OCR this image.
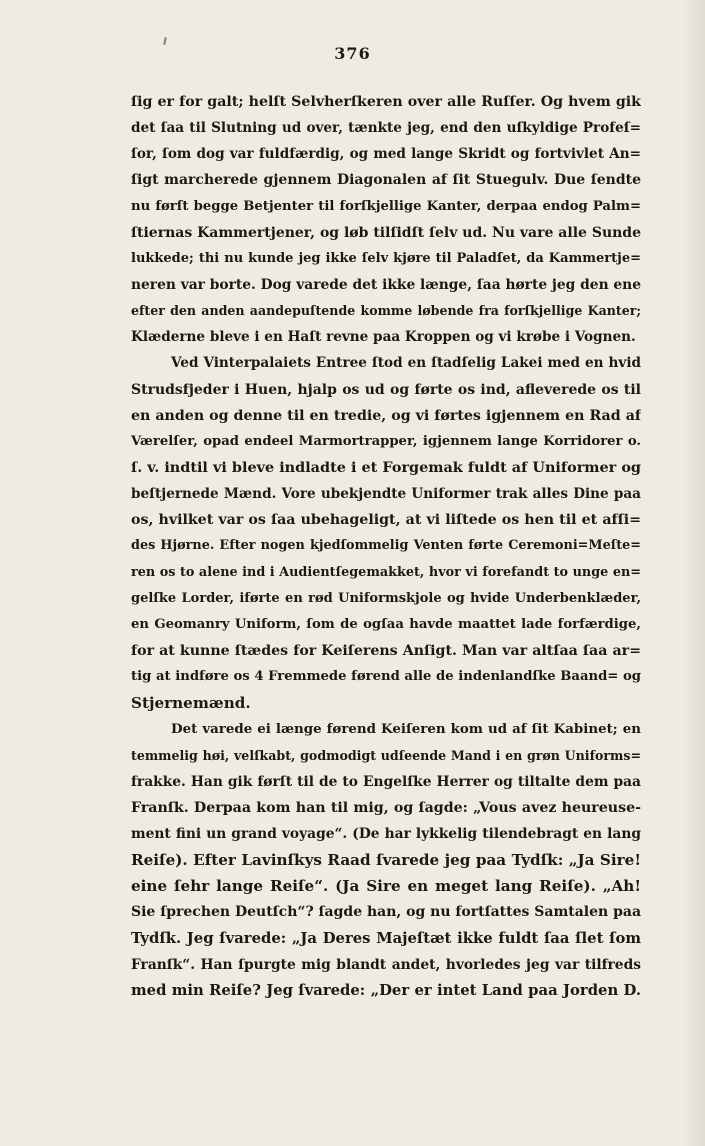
376
ſig er for galt; helſt Selvherſkeren over alle Ruſſer. Og hvem gik
det ſaa til Slutning ud over, tænkte jeg, end den uſkyldige Profeſ=
ſor, ſom dog var fuldfærdig, og med lange Skridt og fortvivlet An=
ſigt marcherede gjennem Diagonalen af ſit Stuegulv. Due ſendte
nu førſt begge Betjenter til forſkjellige Kanter, derpaa endog Palm=
ſtiernas Kammertjener, og løb tilſidſt ſelv ud. Nu vare alle Sunde
lukkede; thi nu kunde jeg ikke ſelv kjøre til Paladſet, da Kammertje=
neren var borte. Dog varede det ikke længe, ſaa hørte jeg den ene
efter den anden aandepuſtende komme løbende fra forſkjellige Kanter;
Klæderne bleve i en Haſt revne paa Kroppen og vi krøbe i Vognen.
Ved Vinterpalaiets Entree ſtod en ſtadſelig Lakei med en hvid
Strudsfjeder i Huen, hjalp os ud og førte os ind, afleverede os til
en anden og denne til en tredie, og vi førtes igjennem en Rad af
Værelſer, opad endeel Marmortrapper, igjennem lange Korridorer o.
ſ. v. indtil vi bleve indladte i et Forgemak fuldt af Uniformer og
beſtjernede Mænd. Vore ubekjendte Uniformer trak alles Dine paa
os, hvilket var os ſaa ubehageligt, at vi liſtede os hen til et afſi=
des Hjørne. Efter nogen kjedſommelig Venten førte Ceremoni=Meſte=
ren os to alene ind i Audientſegemakket, hvor vi forefandt to unge en=
gelſke Lorder, iførte en rød Uniformskjole og hvide Underbenklæder,
en Geomanry Uniform, ſom de ogſaa havde maattet lade forfærdige,
for at kunne ſtædes for Keiſerens Anſigt. Man var altſaa ſaa ar=
tig at indføre os 4 Fremmede førend alle de indenlandſke Baand= og
Stjernemænd.
Det varede ei længe førend Keiſeren kom ud af ſit Kabinet; en
temmelig høi, velſkabt, godmodigt udſeende Mand i en grøn Uniforms=
frakke. Han gik førſt til de to Engelſke Herrer og tiltalte dem paa
Franſk. Derpaa kom han til mig, og ſagde: „Vous avez heureuse-
ment fini un grand voyage“. (De har lykkelig tilendebragt en lang
Reiſe). Efter Lavinſkys Raad ſvarede jeg paa Tydſk: „Ja Sire!
eine ſehr lange Reiſe“. (Ja Sire en meget lang Reiſe). „Ah!
Sie ſprechen Deutſch“? ſagde han, og nu fortſattes Samtalen paa
Tydſk. Jeg ſvarede: „Ja Deres Majeſtæt ikke fuldt ſaa ſlet ſom
Franſk“. Han ſpurgte mig blandt andet, hvorledes jeg var tilfreds
med min Reiſe? Jeg ſvarede: „Der er intet Land paa Jorden D.
